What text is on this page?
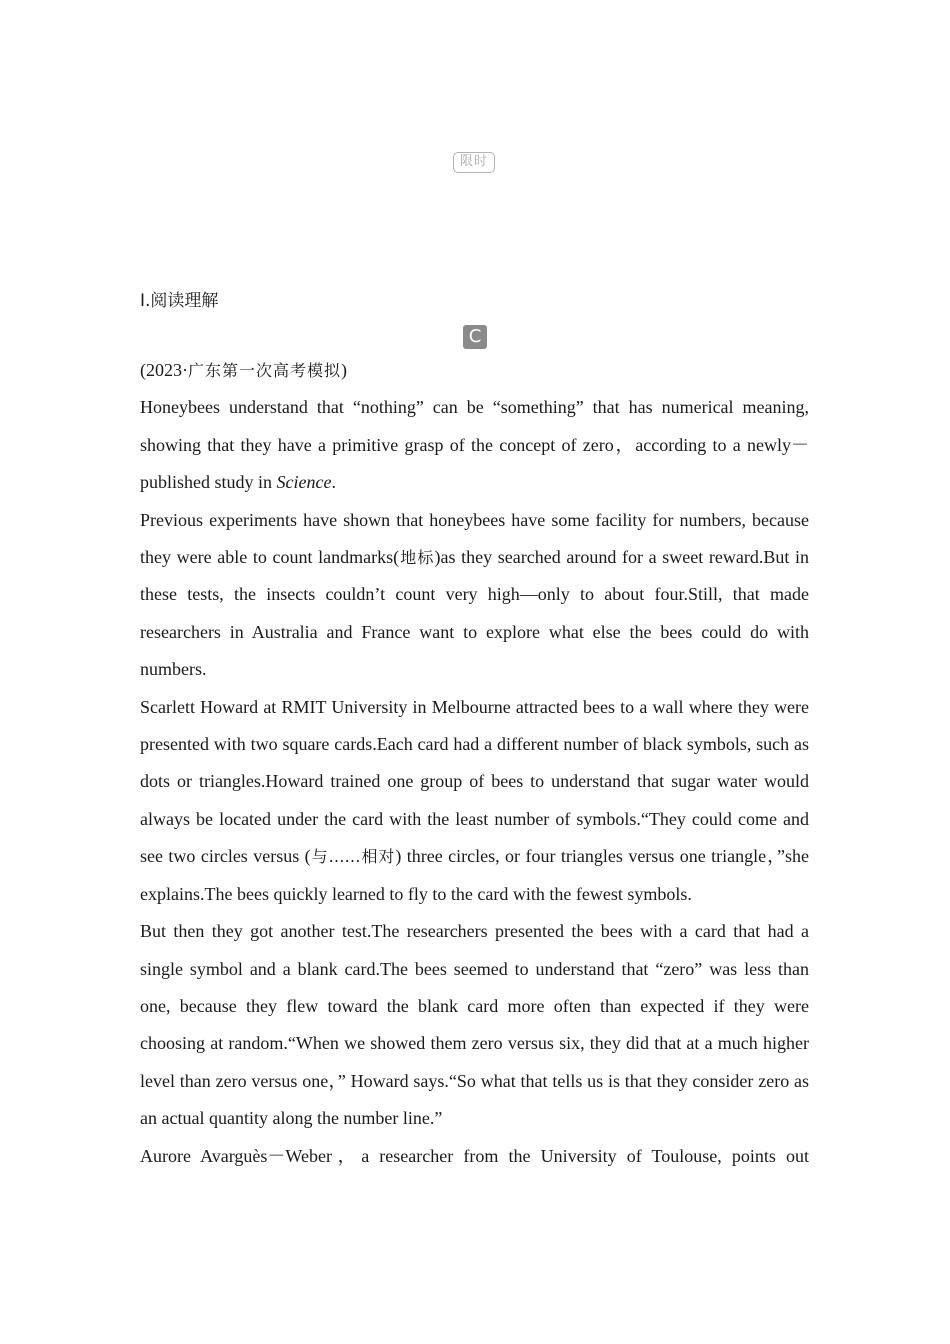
限时
Ⅰ.阅读理解
C

(2023·广东第一次高考模拟)

Honeybees understand that “nothing” can be “something” that has numerical meaning, showing that they have a primitive grasp of the concept of zero，according to a newly－published study in Science.

Previous experiments have shown that honeybees have some facility for numbers, because they were able to count landmarks(地标)as they searched around for a sweet reward.But in these tests, the insects couldn’t count very high—only to about four.Still, that made researchers in Australia and France want to explore what else the bees could do with numbers.

Scarlett Howard at RMIT University in Melbourne attracted bees to a wall where they were presented with two square cards.Each card had a different number of black symbols, such as dots or triangles.Howard trained one group of bees to understand that sugar water would always be located under the card with the least number of symbols.“They could come and see two circles versus (与……相对) three circles, or four triangles versus one triangle，”she explains.The bees quickly learned to fly to the card with the fewest symbols.

But then they got another test.The researchers presented the bees with a card that had a single symbol and a blank card.The bees seemed to understand that “zero” was less than one, because they flew toward the blank card more often than expected if they were choosing at random.“When we showed them zero versus six, they did that at a much higher level than zero versus one，” Howard says.“So what that tells us is that they consider zero as an actual quantity along the number line.”

Aurore Avarguès－Weber，a researcher from the University of Toulouse, points out
